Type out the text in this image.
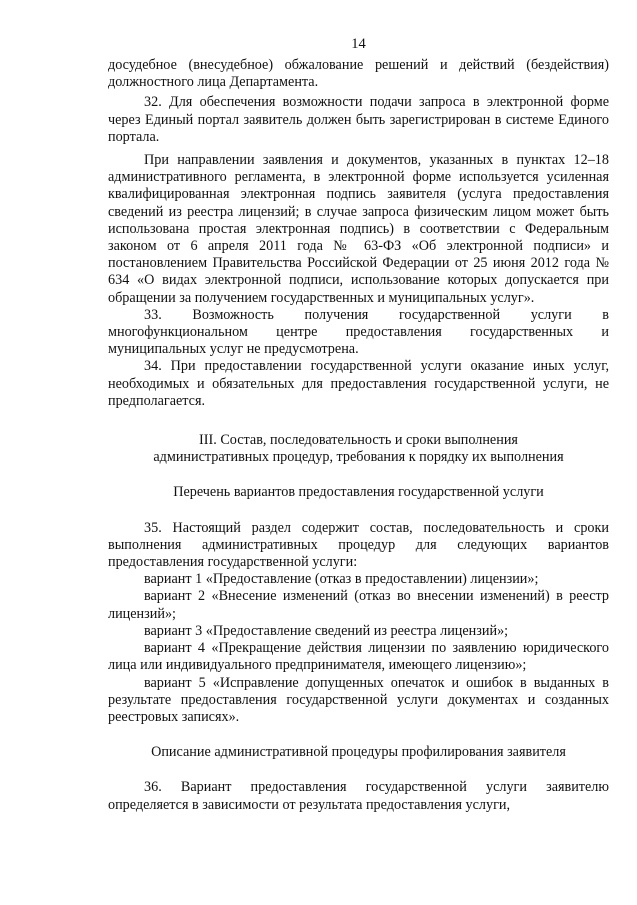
14

досудебное (внесудебное) обжалование решений и действий (бездействия) должностного лица Департамента.

32. Для обеспечения возможности подачи запроса в электронной форме через Единый портал заявитель должен быть зарегистрирован в системе Единого портала.

При направлении заявления и документов, указанных в пунктах 12–18 административного регламента, в электронной форме используется усиленная квалифицированная электронная подпись заявителя (услуга предоставления сведений из реестра лицензий; в случае запроса физическим лицом может быть использована простая электронная подпись) в соответствии с Федеральным законом от 6 апреля 2011 года № 63-ФЗ «Об электронной подписи» и постановлением Правительства Российской Федерации от 25 июня 2012 года № 634 «О видах электронной подписи, использование которых допускается при обращении за получением государственных и муниципальных услуг».

33. Возможность получения государственной услуги в многофункциональном центре предоставления государственных и муниципальных услуг не предусмотрена.

34. При предоставлении государственной услуги оказание иных услуг, необходимых и обязательных для предоставления государственной услуги, не предполагается.

III. Состав, последовательность и сроки выполнения
административных процедур, требования к порядку их выполнения
Перечень вариантов предоставления государственной услуги

35. Настоящий раздел содержит состав, последовательность и сроки выполнения административных процедур для следующих вариантов предоставления государственной услуги:

вариант 1 «Предоставление (отказ в предоставлении) лицензии»;

вариант 2 «Внесение изменений (отказ во внесении изменений) в реестр лицензий»;

вариант 3 «Предоставление сведений из реестра лицензий»;

вариант 4 «Прекращение действия лицензии по заявлению юридического лица или индивидуального предпринимателя, имеющего лицензию»;

вариант 5 «Исправление допущенных опечаток и ошибок в выданных в результате предоставления государственной услуги документах и созданных реестровых записях».

Описание административной процедуры профилирования заявителя

36. Вариант предоставления государственной услуги заявителю определяется в зависимости от результата предоставления услуги,
